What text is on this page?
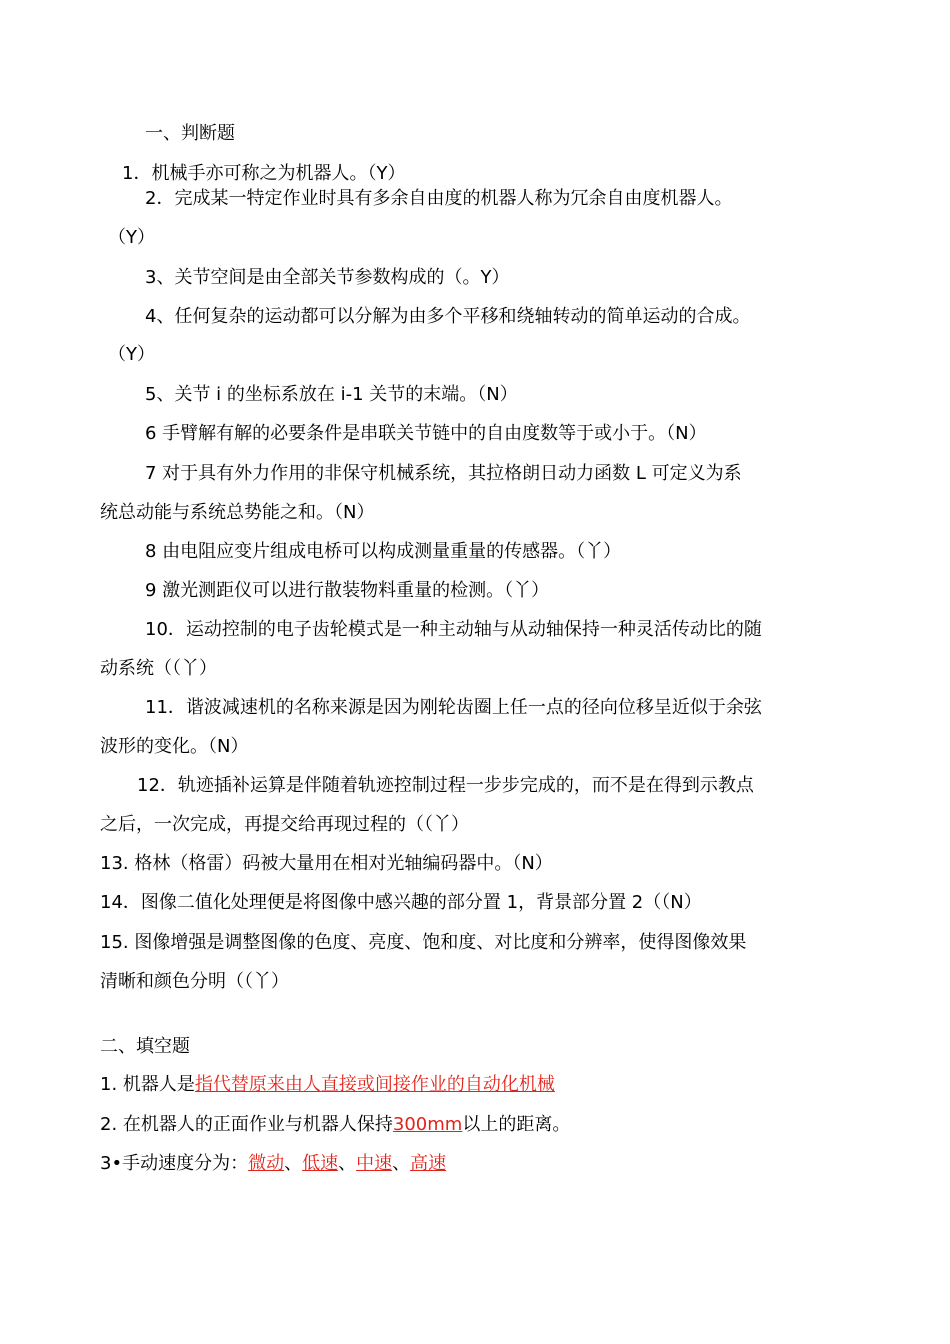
一、判断题
1．机械手亦可称之为机器人。（Y）
2．完成某一特定作业时具有多余自由度的机器人称为冗余自由度机器人。
（Y）
3、关节空间是由全部关节参数构成的（。Y）
4、任何复杂的运动都可以分解为由多个平移和绕轴转动的简单运动的合成。
（Y）
5、关节 i 的坐标系放在 i-1 关节的末端。（N）
6 手臂解有解的必要条件是串联关节链中的自由度数等于或小于。（N）
7 对于具有外力作用的非保守机械系统，其拉格朗日动力函数 L 可定义为系
统总动能与系统总势能之和。（N）
8 由电阻应变片组成电桥可以构成测量重量的传感器。（丫）
9 激光测距仪可以进行散装物料重量的检测。（丫）
10．运动控制的电子齿轮模式是一种主动轴与从动轴保持一种灵活传动比的随
动系统（（丫）
11．谐波减速机的名称来源是因为刚轮齿圈上任一点的径向位移呈近似于余弦
波形的变化。（N）
12．轨迹插补运算是伴随着轨迹控制过程一步步完成的，而不是在得到示教点
之后，一次完成，再提交给再现过程的（（丫）
13. 格林（格雷）码被大量用在相对光轴编码器中。（N）
14．图像二值化处理便是将图像中感兴趣的部分置 1，背景部分置 2（（N）
15. 图像增强是调整图像的色度、亮度、饱和度、对比度和分辨率，使得图像效果
清晰和颜色分明（（丫）
二、填空题
1. 机器人是指代替原来由人直接或间接作业的自动化机械
2. 在机器人的正面作业与机器人保持300mm以上的距离。
3•手动速度分为：微动、低速、中速、高速
